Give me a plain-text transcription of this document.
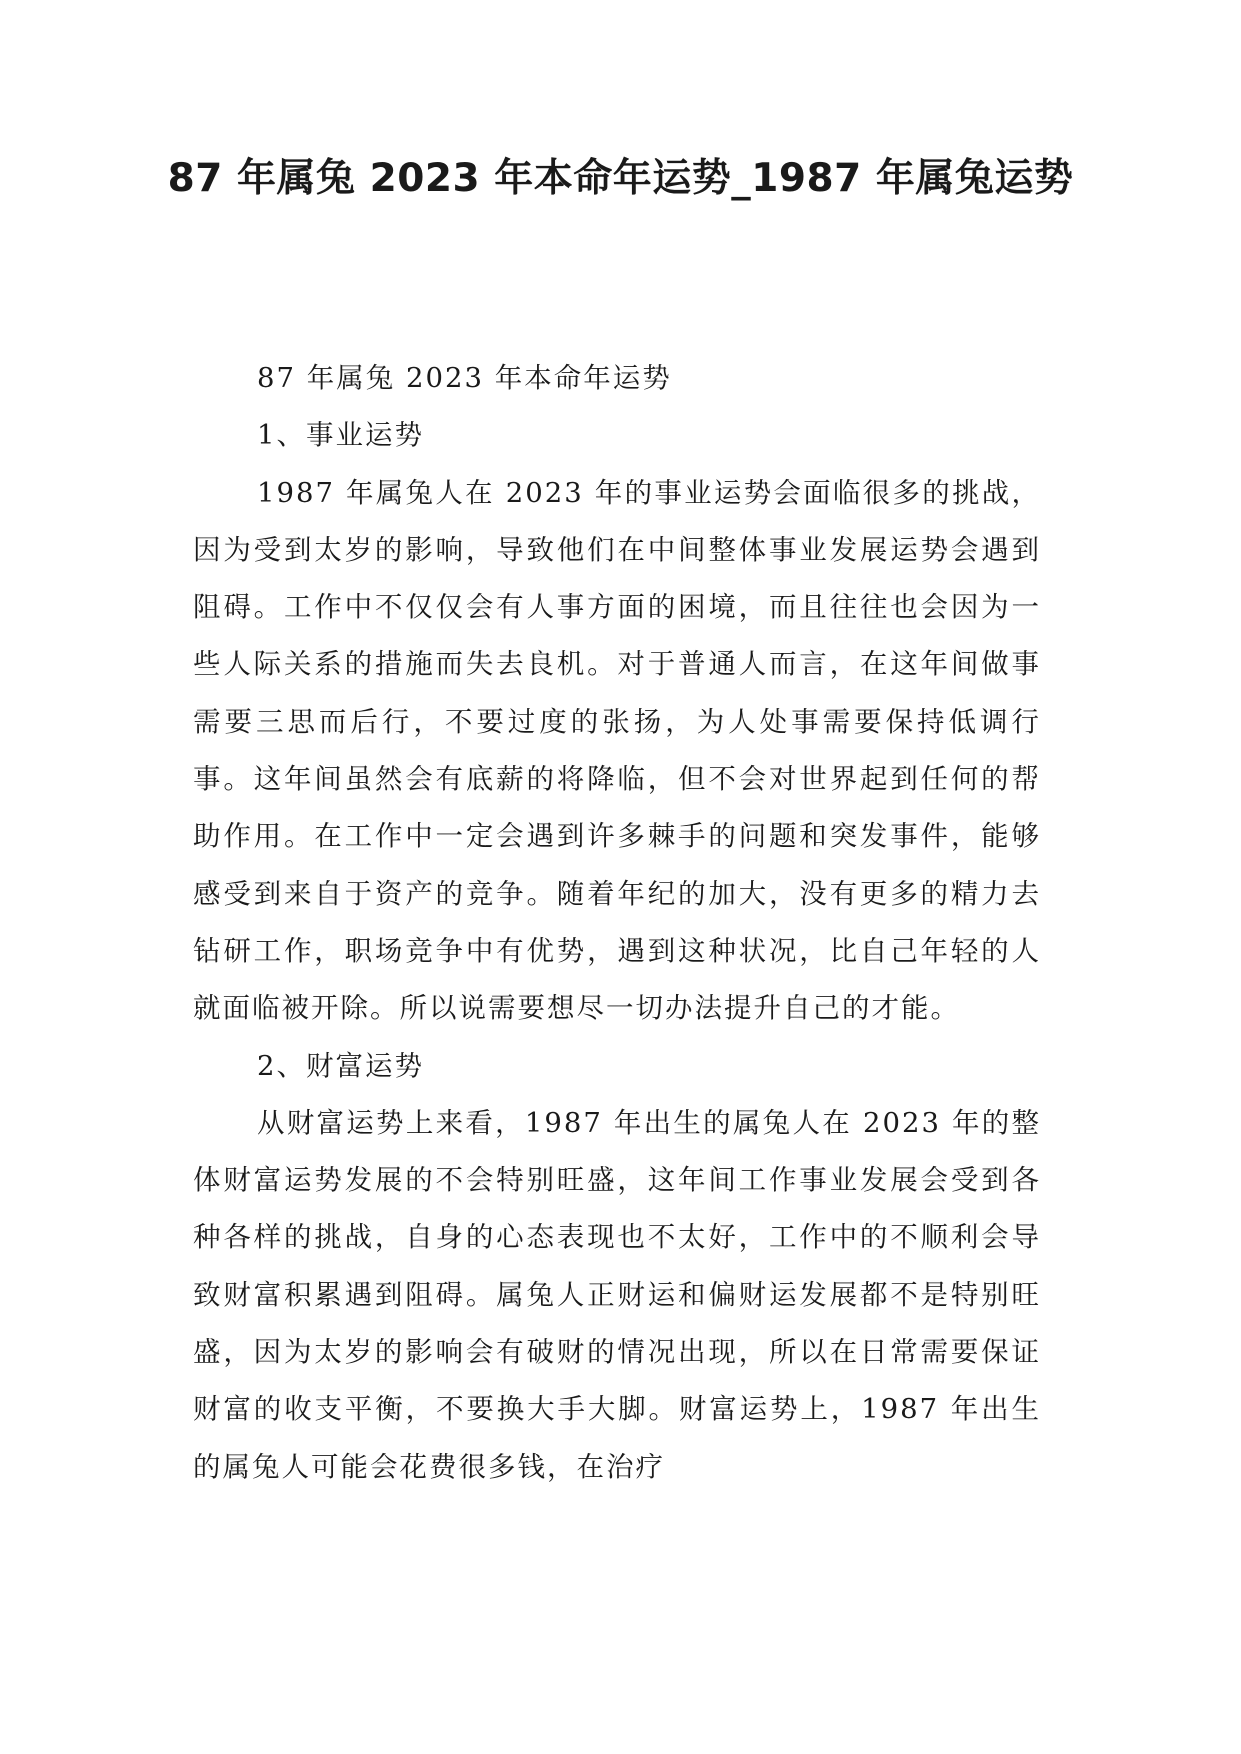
87 年属兔 2023 年本命年运势_1987 年属兔运势

87 年属兔 2023 年本命年运势

1、事业运势

1987 年属兔人在 2023 年的事业运势会面临很多的挑战，因为受到太岁的影响，导致他们在中间整体事业发展运势会遇到阻碍。工作中不仅仅会有人事方面的困境，而且往往也会因为一些人际关系的措施而失去良机。对于普通人而言，在这年间做事需要三思而后行，不要过度的张扬，为人处事需要保持低调行事。这年间虽然会有底薪的将降临，但不会对世界起到任何的帮助作用。在工作中一定会遇到许多棘手的问题和突发事件，能够感受到来自于资产的竞争。随着年纪的加大，没有更多的精力去钻研工作，职场竞争中有优势，遇到这种状况，比自己年轻的人就面临被开除。所以说需要想尽一切办法提升自己的才能。

2、财富运势

从财富运势上来看，1987 年出生的属兔人在 2023 年的整体财富运势发展的不会特别旺盛，这年间工作事业发展会受到各种各样的挑战，自身的心态表现也不太好，工作中的不顺利会导致财富积累遇到阻碍。属兔人正财运和偏财运发展都不是特别旺盛，因为太岁的影响会有破财的情况出现，所以在日常需要保证财富的收支平衡，不要换大手大脚。财富运势上，1987 年出生的属兔人可能会花费很多钱，在治疗
